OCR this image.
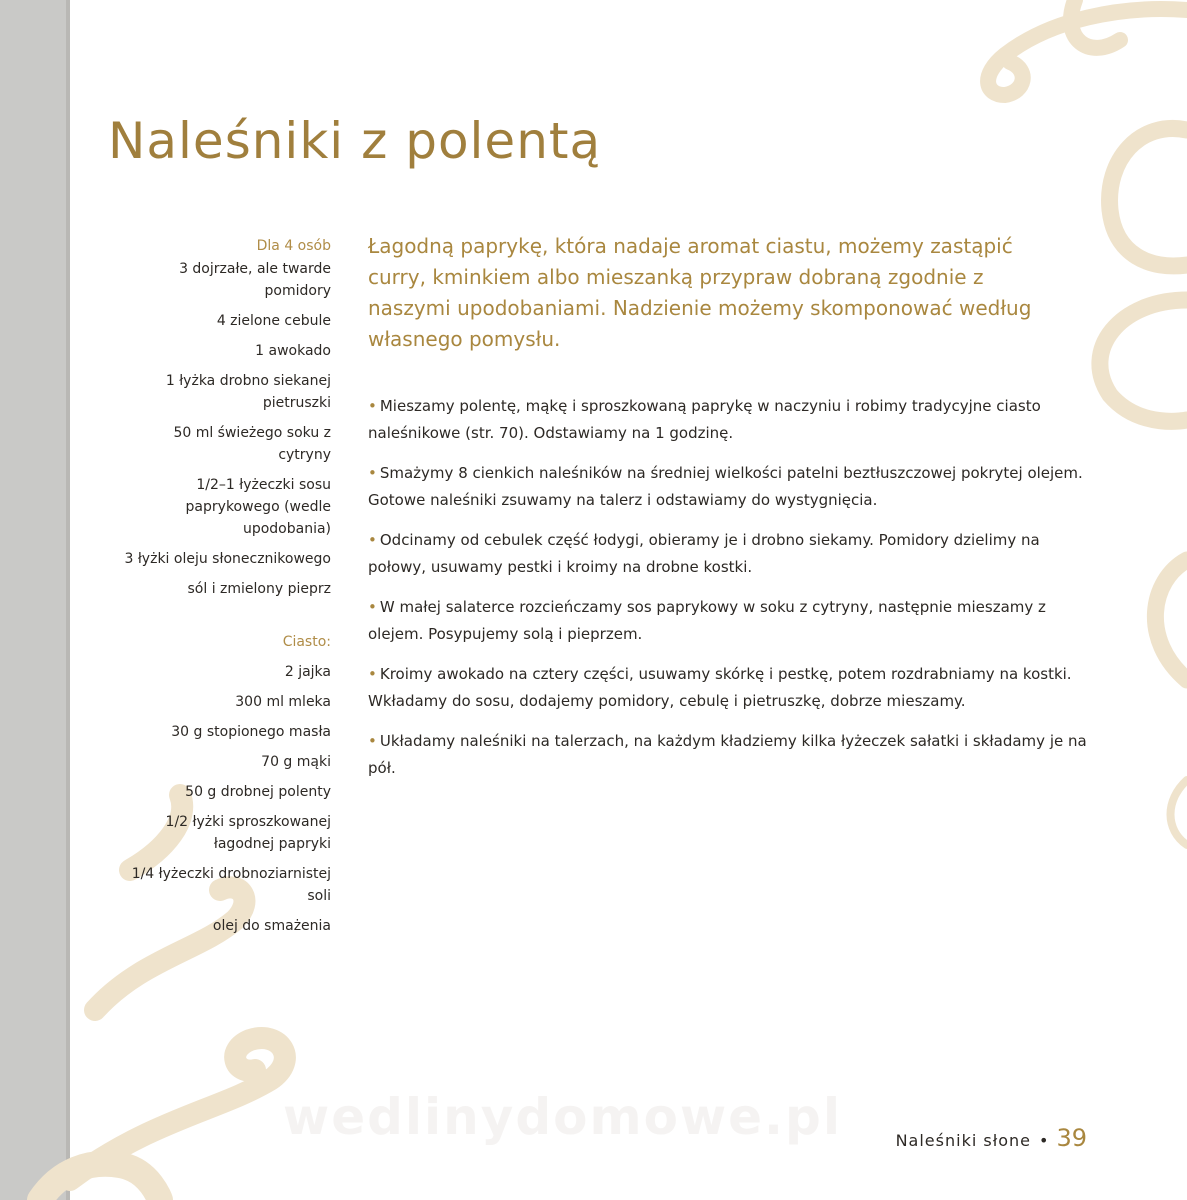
Naleśniki z polentą
Dla 4 osób
3 dojrzałe, ale twarde pomidory
4 zielone cebule
1 awokado
1 łyżka drobno siekanej pietruszki
50 ml świeżego soku z cytryny
1/2–1 łyżeczki sosu paprykowego (wedle upodobania)
3 łyżki oleju słonecznikowego
sól i zmielony pieprz
Ciasto:
2 jajka
300 ml mleka
30 g stopionego masła
70 g mąki
50 g drobnej polenty
1/2 łyżki sproszkowanej łagodnej papryki
1/4 łyżeczki drobnoziarnistej soli
olej do smażenia

Łagodną paprykę, która nadaje aromat ciastu, możemy zastąpić curry, kminkiem albo mieszanką przypraw dobraną zgodnie z naszymi upodobaniami. Nadzienie możemy skomponować według własnego pomysłu.

• Mieszamy polentę, mąkę i sproszkowaną paprykę w naczyniu i robimy tradycyjne ciasto naleśnikowe (str. 70). Odstawiamy na 1 godzinę.
• Smażymy 8 cienkich naleśników na średniej wielkości patelni beztłuszczowej pokrytej olejem. Gotowe naleśniki zsuwamy na talerz i odstawiamy do wystygnięcia.
• Odcinamy od cebulek część łodygi, obieramy je i drobno siekamy. Pomidory dzielimy na połowy, usuwamy pestki i kroimy na drobne kostki.
• W małej salaterce rozcieńczamy sos paprykowy w soku z cytryny, następnie mieszamy z olejem. Posypujemy solą i pieprzem.
• Kroimy awokado na cztery części, usuwamy skórkę i pestkę, potem rozdrabniamy na kostki. Wkładamy do sosu, dodajemy pomidory, cebulę i pietruszkę, dobrze mieszamy.
• Układamy naleśniki na talerzach, na każdym kładziemy kilka łyżeczek sałatki i składamy je na pół.
wedlinydomowe.pl	Naleśniki słone • 39
